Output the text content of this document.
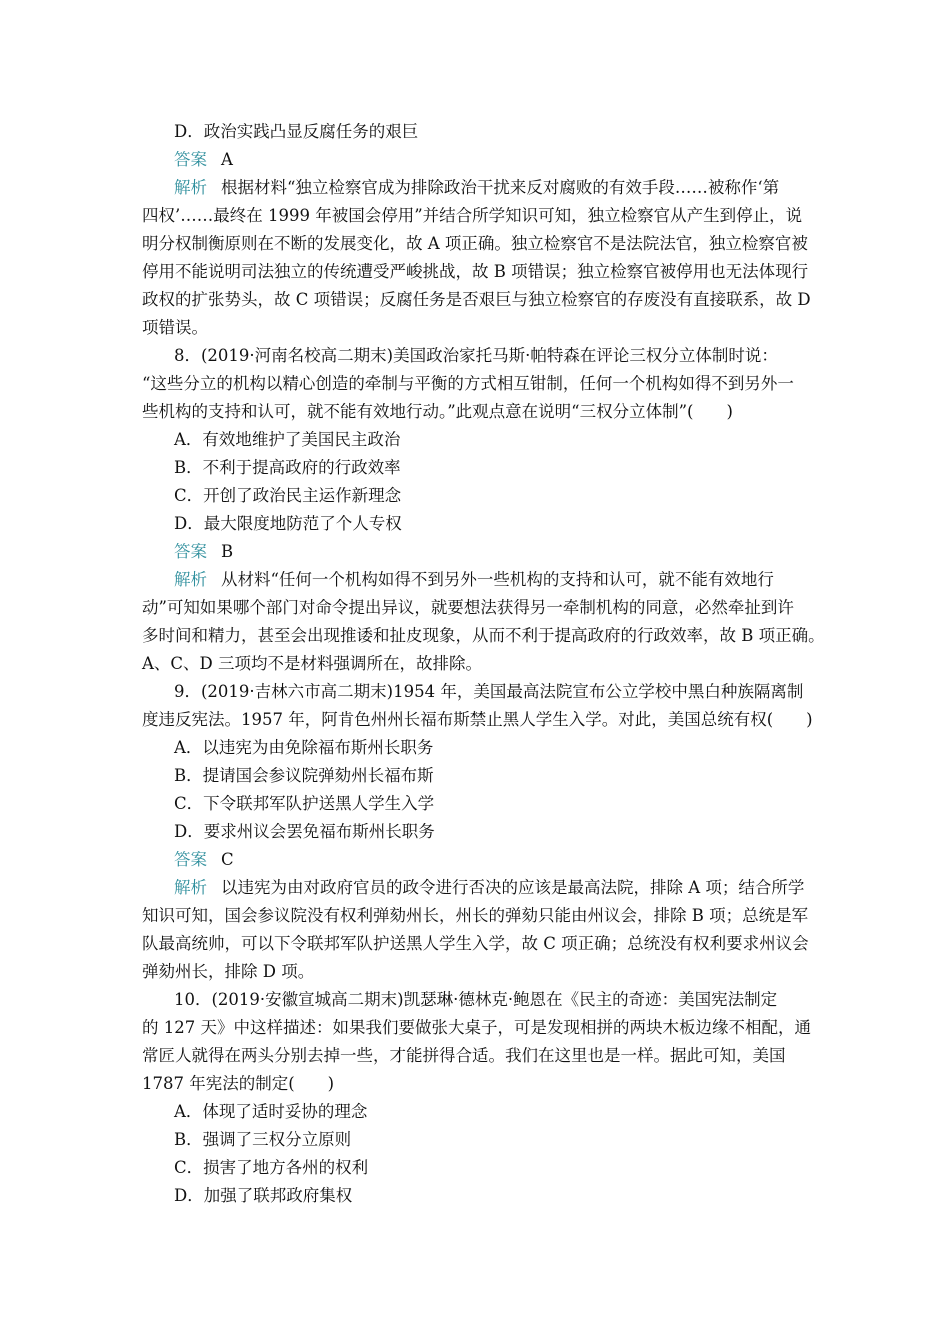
D．政治实践凸显反腐任务的艰巨
答案 A
解析 根据材料“独立检察官成为排除政治干扰来反对腐败的有效手段……被称作‘第
四权’……最终在 1999 年被国会停用”并结合所学知识可知，独立检察官从产生到停止，说
明分权制衡原则在不断的发展变化，故 A 项正确。独立检察官不是法院法官，独立检察官被
停用不能说明司法独立的传统遭受严峻挑战，故 B 项错误；独立检察官被停用也无法体现行
政权的扩张势头，故 C 项错误；反腐任务是否艰巨与独立检察官的存废没有直接联系，故 D
项错误。
8．(2019·河南名校高二期末)美国政治家托马斯·帕特森在评论三权分立体制时说：
“这些分立的机构以精心创造的牵制与平衡的方式相互钳制，任何一个机构如得不到另外一
些机构的支持和认可，就不能有效地行动。”此观点意在说明“三权分立体制”(　　)
A．有效地维护了美国民主政治
B．不利于提高政府的行政效率
C．开创了政治民主运作新理念
D．最大限度地防范了个人专权
答案 B
解析 从材料“任何一个机构如得不到另外一些机构的支持和认可，就不能有效地行
动”可知如果哪个部门对命令提出异议，就要想法获得另一牵制机构的同意，必然牵扯到许
多时间和精力，甚至会出现推诿和扯皮现象，从而不利于提高政府的行政效率，故 B 项正确。
A、C、D 三项均不是材料强调所在，故排除。
9．(2019·吉林六市高二期末)1954 年，美国最高法院宣布公立学校中黑白种族隔离制
度违反宪法。1957 年，阿肯色州州长福布斯禁止黑人学生入学。对此，美国总统有权(　　)
A．以违宪为由免除福布斯州长职务
B．提请国会参议院弹劾州长福布斯
C．下令联邦军队护送黑人学生入学
D．要求州议会罢免福布斯州长职务
答案 C
解析 以违宪为由对政府官员的政令进行否决的应该是最高法院，排除 A 项；结合所学
知识可知，国会参议院没有权利弹劾州长，州长的弹劾只能由州议会，排除 B 项；总统是军
队最高统帅，可以下令联邦军队护送黑人学生入学，故 C 项正确；总统没有权利要求州议会
弹劾州长，排除 D 项。
10．(2019·安徽宣城高二期末)凯瑟琳·德林克·鲍恩在《民主的奇迹：美国宪法制定
的 127 天》中这样描述：如果我们要做张大桌子，可是发现相拼的两块木板边缘不相配，通
常匠人就得在两头分别去掉一些，才能拼得合适。我们在这里也是一样。据此可知，美国
1787 年宪法的制定(　　)
A．体现了适时妥协的理念
B．强调了三权分立原则
C．损害了地方各州的权利
D．加强了联邦政府集权
